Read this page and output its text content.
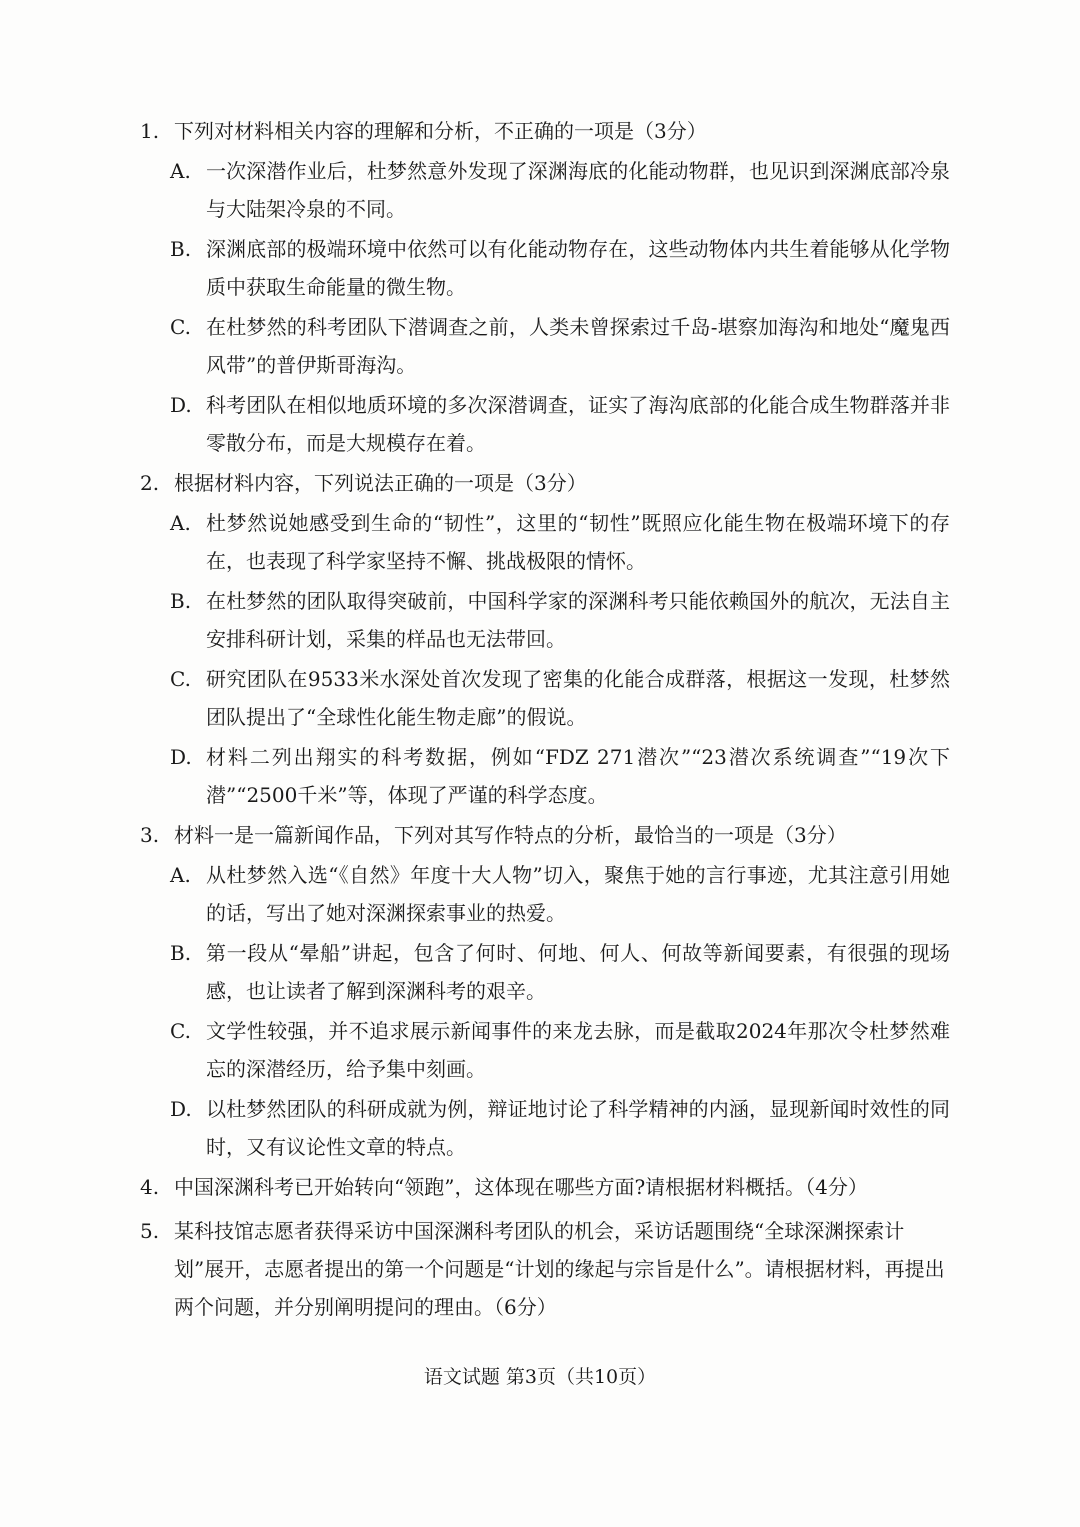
1. 下列对材料相关内容的理解和分析，不正确的一项是（3分）
A. 一次深潜作业后，杜梦然意外发现了深渊海底的化能动物群，也见识到深渊底部冷泉与大陆架冷泉的不同。
B. 深渊底部的极端环境中依然可以有化能动物存在，这些动物体内共生着能够从化学物质中获取生命能量的微生物。
C. 在杜梦然的科考团队下潜调查之前，人类未曾探索过千岛-堪察加海沟和地处“魔鬼西风带”的普伊斯哥海沟。
D. 科考团队在相似地质环境的多次深潜调查，证实了海沟底部的化能合成生物群落并非零散分布，而是大规模存在着。
2. 根据材料内容，下列说法正确的一项是（3分）
A. 杜梦然说她感受到生命的“韧性”，这里的“韧性”既照应化能生物在极端环境下的存在，也表现了科学家坚持不懈、挑战极限的情怀。
B. 在杜梦然的团队取得突破前，中国科学家的深渊科考只能依赖国外的航次，无法自主安排科研计划，采集的样品也无法带回。
C. 研究团队在9533米水深处首次发现了密集的化能合成群落，根据这一发现，杜梦然团队提出了“全球性化能生物走廊”的假说。
D. 材料二列出翔实的科考数据，例如“FDZ 271潜次”“23潜次系统调查”“19次下潜”“2500千米”等，体现了严谨的科学态度。
3. 材料一是一篇新闻作品，下列对其写作特点的分析，最恰当的一项是（3分）
A. 从杜梦然入选“《自然》年度十大人物”切入，聚焦于她的言行事迹，尤其注意引用她的话，写出了她对深渊探索事业的热爱。
B. 第一段从“晕船”讲起，包含了何时、何地、何人、何故等新闻要素，有很强的现场感，也让读者了解到深渊科考的艰辛。
C. 文学性较强，并不追求展示新闻事件的来龙去脉，而是截取2024年那次令杜梦然难忘的深潜经历，给予集中刻画。
D. 以杜梦然团队的科研成就为例，辩证地讨论了科学精神的内涵，显现新闻时效性的同时，又有议论性文章的特点。
4. 中国深渊科考已开始转向“领跑”，这体现在哪些方面?请根据材料概括。（4分）
5. 某科技馆志愿者获得采访中国深渊科考团队的机会，采访话题围绕“全球深渊探索计划”展开，志愿者提出的第一个问题是“计划的缘起与宗旨是什么”。请根据材料，再提出两个问题，并分别阐明提问的理由。（6分）
语文试题 第3页（共10页）
